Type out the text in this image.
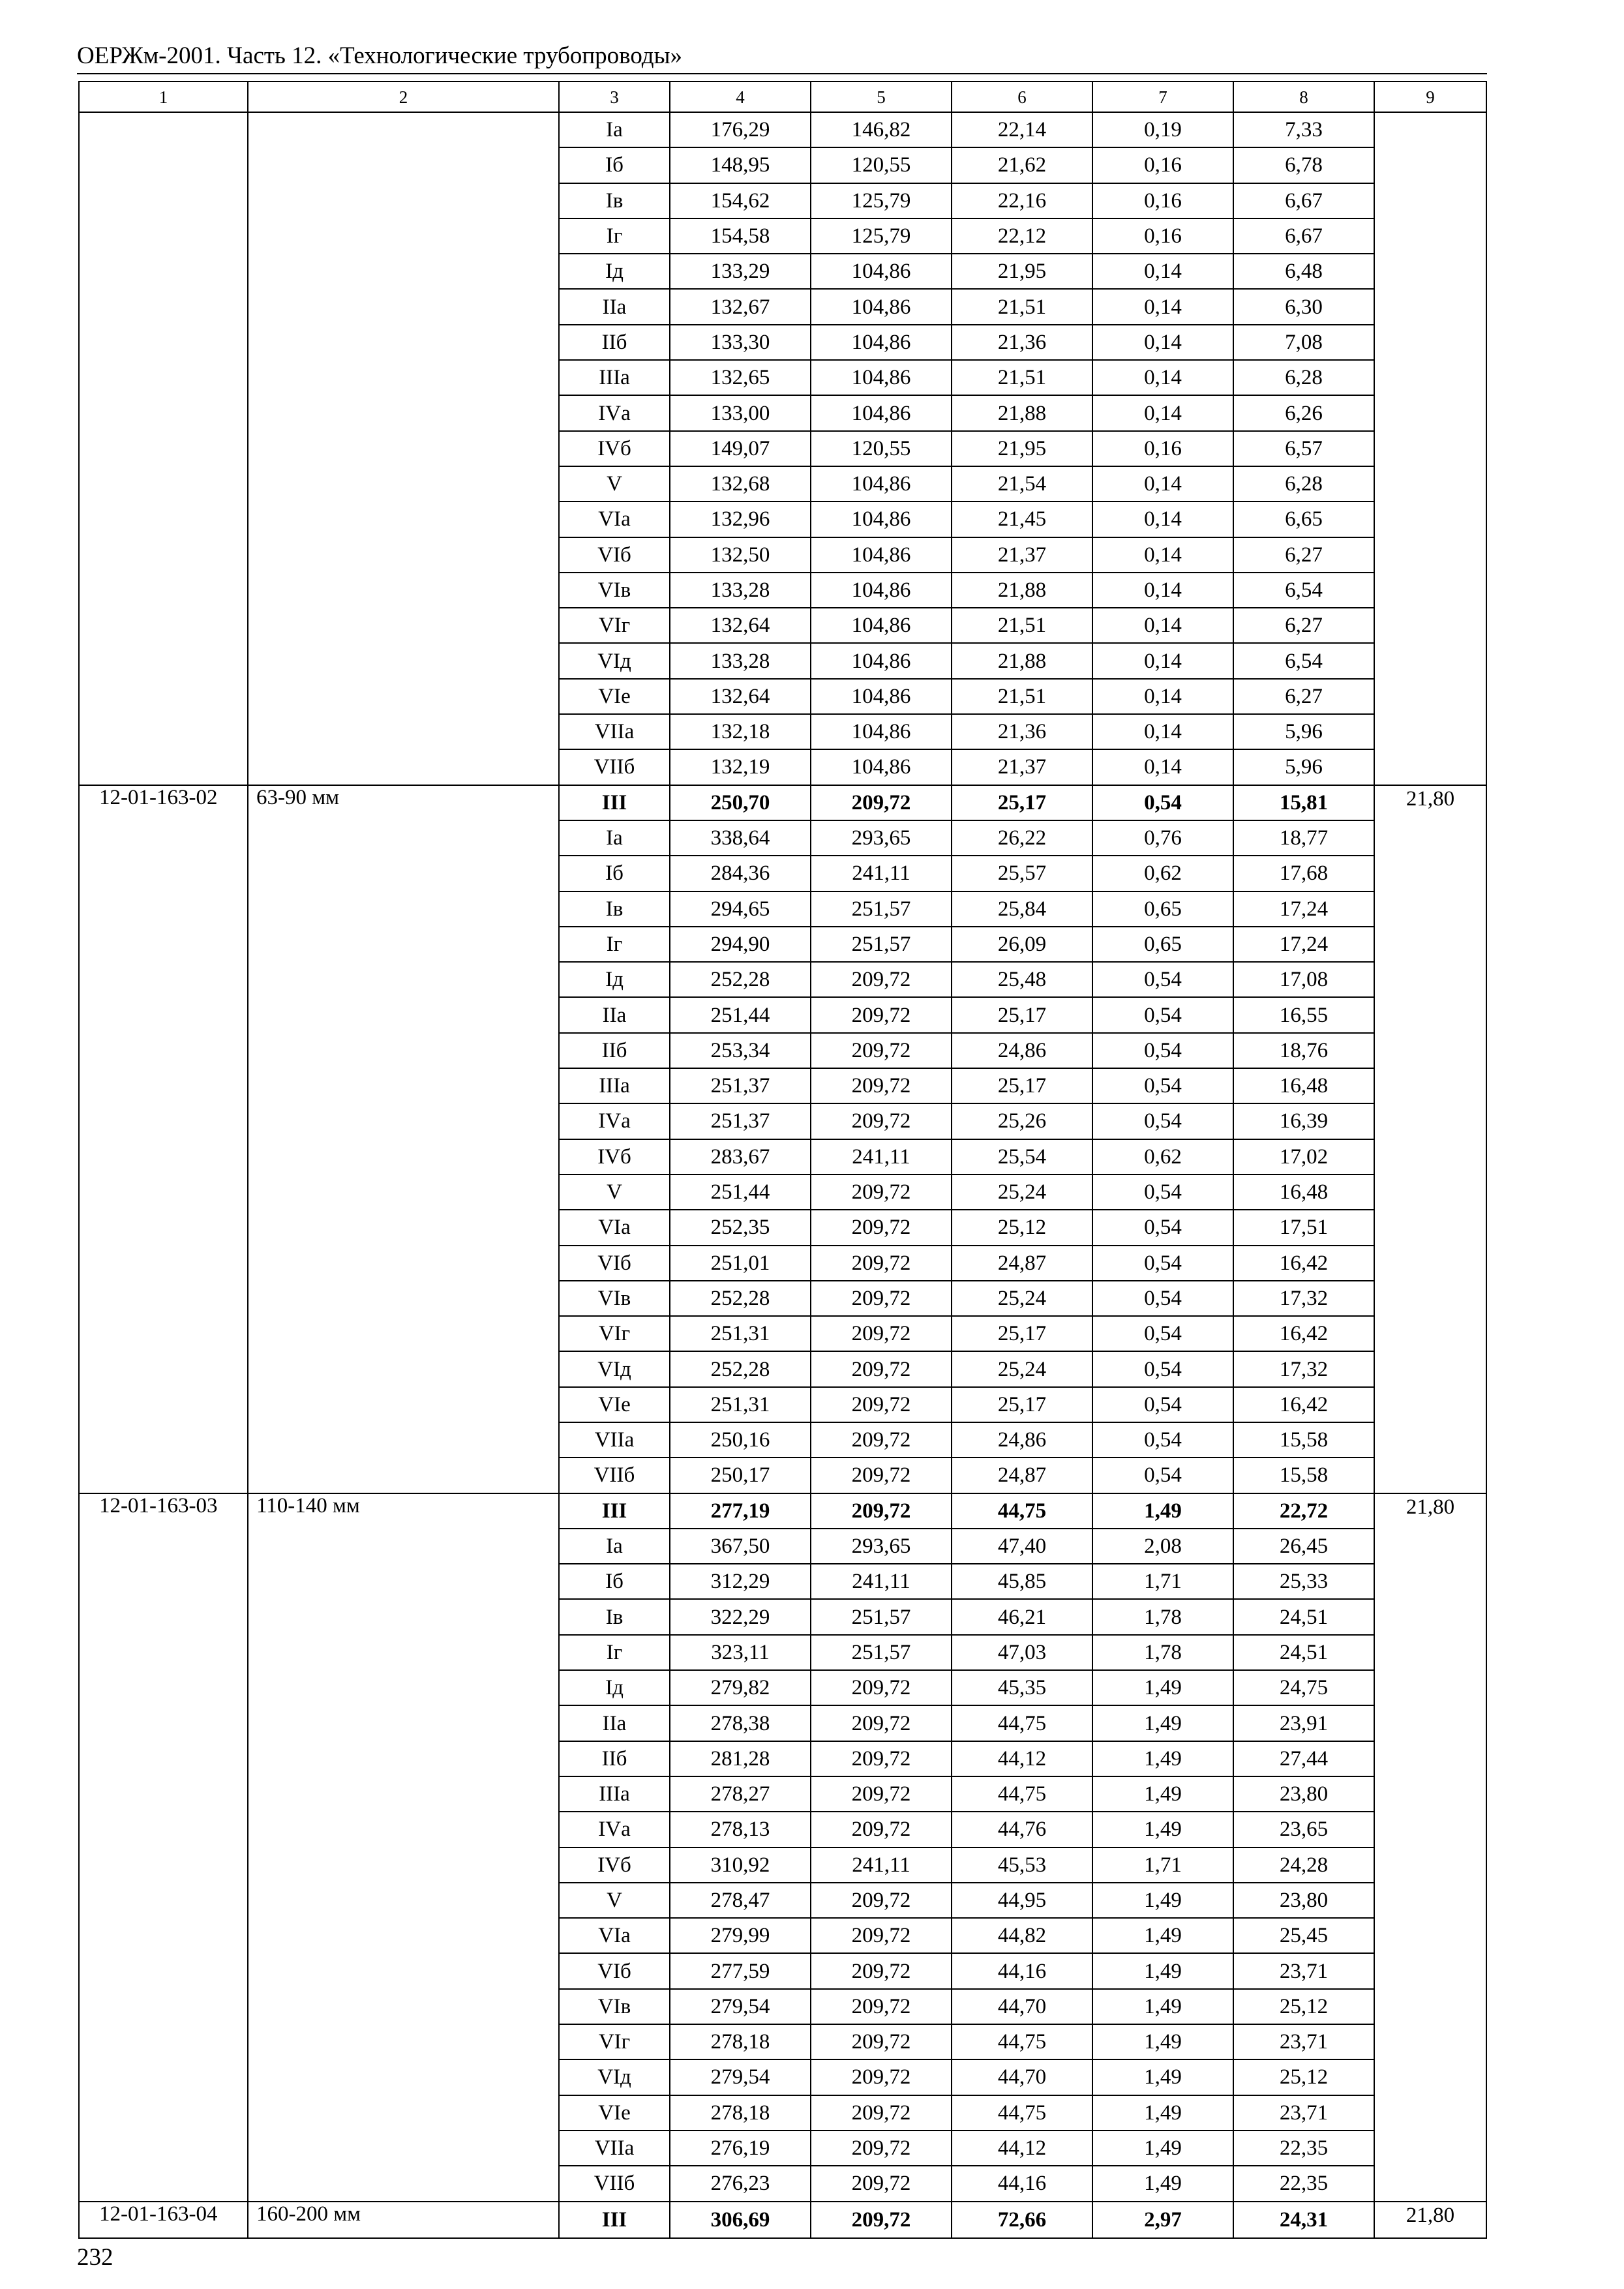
ОЕРЖм-2001. Часть 12. «Технологические трубопроводы»
1	2	3	4	5	6	7	8	9
		Iа	176,29	146,82	22,14	0,19	7,33	
		Iб	148,95	120,55	21,62	0,16	6,78	
		Iв	154,62	125,79	22,16	0,16	6,67	
		Iг	154,58	125,79	22,12	0,16	6,67	
		Iд	133,29	104,86	21,95	0,14	6,48	
		IIа	132,67	104,86	21,51	0,14	6,30	
		IIб	133,30	104,86	21,36	0,14	7,08	
		IIIа	132,65	104,86	21,51	0,14	6,28	
		IVа	133,00	104,86	21,88	0,14	6,26	
		IVб	149,07	120,55	21,95	0,16	6,57	
		V	132,68	104,86	21,54	0,14	6,28	
		VIа	132,96	104,86	21,45	0,14	6,65	
		VIб	132,50	104,86	21,37	0,14	6,27	
		VIв	133,28	104,86	21,88	0,14	6,54	
		VIг	132,64	104,86	21,51	0,14	6,27	
		VIд	133,28	104,86	21,88	0,14	6,54	
		VIе	132,64	104,86	21,51	0,14	6,27	
		VIIа	132,18	104,86	21,36	0,14	5,96	
		VIIб	132,19	104,86	21,37	0,14	5,96	
12-01-163-02	63-90 мм	III	250,70	209,72	25,17	0,54	15,81	21,80
		Iа	338,64	293,65	26,22	0,76	18,77	
		Iб	284,36	241,11	25,57	0,62	17,68	
		Iв	294,65	251,57	25,84	0,65	17,24	
		Iг	294,90	251,57	26,09	0,65	17,24	
		Iд	252,28	209,72	25,48	0,54	17,08	
		IIа	251,44	209,72	25,17	0,54	16,55	
		IIб	253,34	209,72	24,86	0,54	18,76	
		IIIа	251,37	209,72	25,17	0,54	16,48	
		IVа	251,37	209,72	25,26	0,54	16,39	
		IVб	283,67	241,11	25,54	0,62	17,02	
		V	251,44	209,72	25,24	0,54	16,48	
		VIа	252,35	209,72	25,12	0,54	17,51	
		VIб	251,01	209,72	24,87	0,54	16,42	
		VIв	252,28	209,72	25,24	0,54	17,32	
		VIг	251,31	209,72	25,17	0,54	16,42	
		VIд	252,28	209,72	25,24	0,54	17,32	
		VIе	251,31	209,72	25,17	0,54	16,42	
		VIIа	250,16	209,72	24,86	0,54	15,58	
		VIIб	250,17	209,72	24,87	0,54	15,58	
12-01-163-03	110-140 мм	III	277,19	209,72	44,75	1,49	22,72	21,80
		Iа	367,50	293,65	47,40	2,08	26,45	
		Iб	312,29	241,11	45,85	1,71	25,33	
		Iв	322,29	251,57	46,21	1,78	24,51	
		Iг	323,11	251,57	47,03	1,78	24,51	
		Iд	279,82	209,72	45,35	1,49	24,75	
		IIа	278,38	209,72	44,75	1,49	23,91	
		IIб	281,28	209,72	44,12	1,49	27,44	
		IIIа	278,27	209,72	44,75	1,49	23,80	
		IVа	278,13	209,72	44,76	1,49	23,65	
		IVб	310,92	241,11	45,53	1,71	24,28	
		V	278,47	209,72	44,95	1,49	23,80	
		VIа	279,99	209,72	44,82	1,49	25,45	
		VIб	277,59	209,72	44,16	1,49	23,71	
		VIв	279,54	209,72	44,70	1,49	25,12	
		VIг	278,18	209,72	44,75	1,49	23,71	
		VIд	279,54	209,72	44,70	1,49	25,12	
		VIе	278,18	209,72	44,75	1,49	23,71	
		VIIа	276,19	209,72	44,12	1,49	22,35	
		VIIб	276,23	209,72	44,16	1,49	22,35	
12-01-163-04	160-200 мм	III	306,69	209,72	72,66	2,97	24,31	21,80
232
